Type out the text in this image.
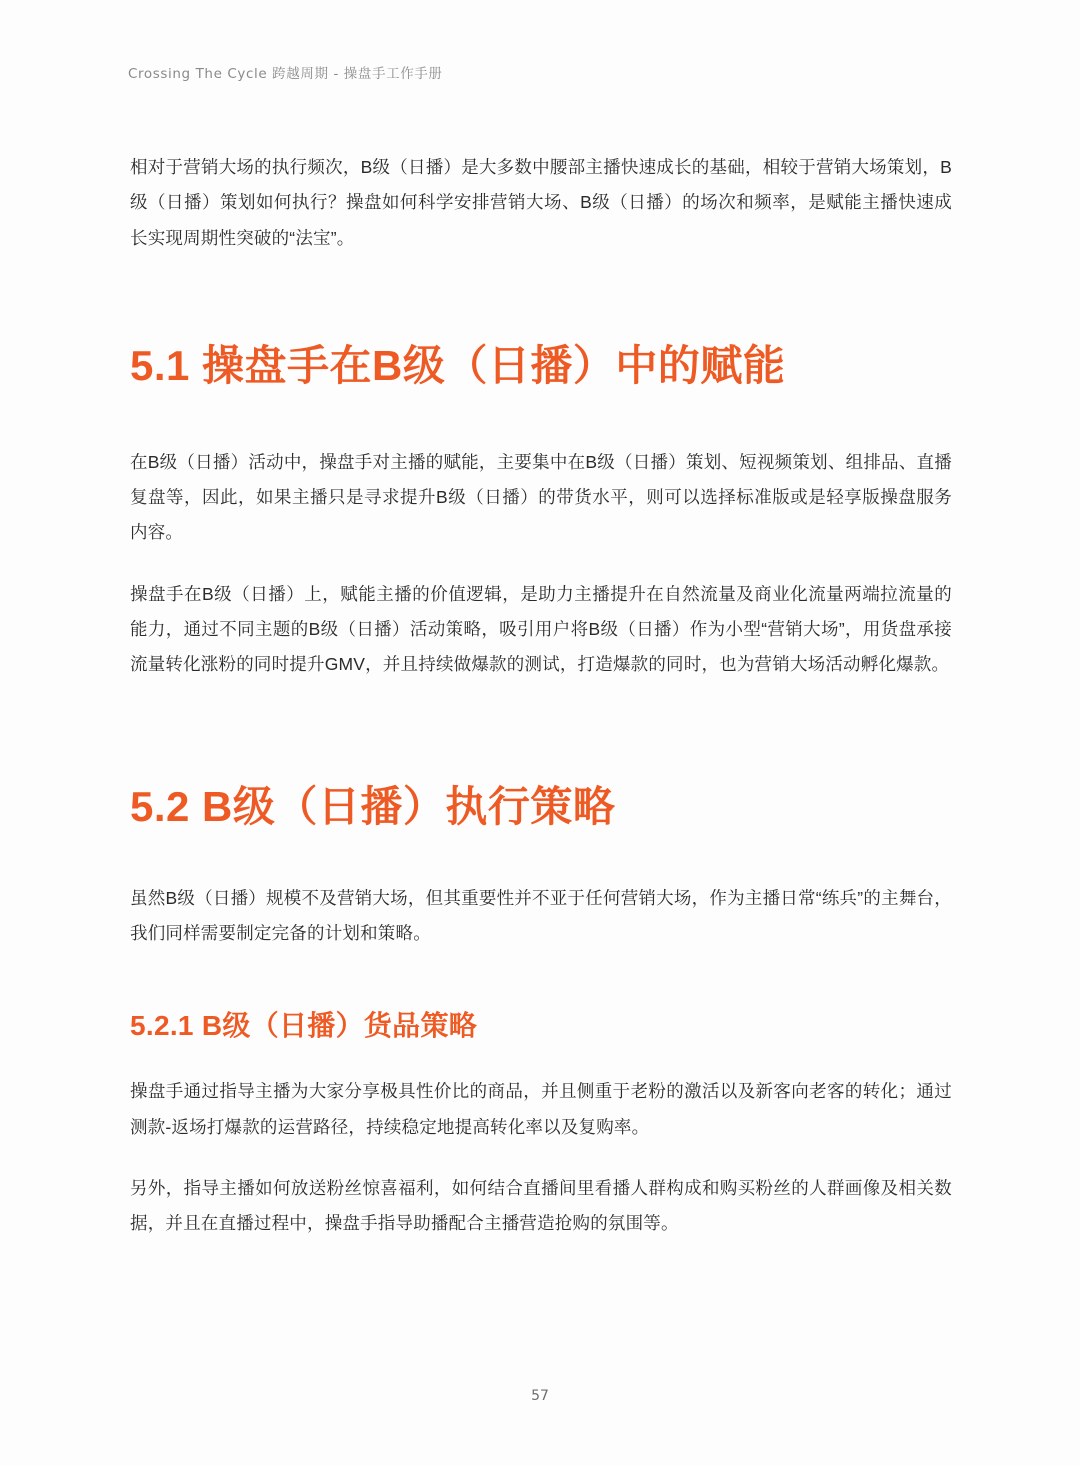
Crossing The Cycle 跨越周期 - 操盘手工作手册

相对于营销大场的执行频次，B级（日播）是大多数中腰部主播快速成长的基础，相较于营销大场策划，B级（日播）策划如何执行？操盘如何科学安排营销大场、B级（日播）的场次和频率，是赋能主播快速成长实现周期性突破的“法宝”。

5.1 操盘手在B级（日播）中的赋能

在B级（日播）活动中，操盘手对主播的赋能，主要集中在B级（日播）策划、短视频策划、组排品、直播复盘等，因此，如果主播只是寻求提升B级（日播）的带货水平，则可以选择标准版或是轻享版操盘服务内容。

操盘手在B级（日播）上，赋能主播的价值逻辑，是助力主播提升在自然流量及商业化流量两端拉流量的能力，通过不同主题的B级（日播）活动策略，吸引用户将B级（日播）作为小型“营销大场”，用货盘承接流量转化涨粉的同时提升GMV，并且持续做爆款的测试，打造爆款的同时，也为营销大场活动孵化爆款。

5.2 B级（日播）执行策略

虽然B级（日播）规模不及营销大场，但其重要性并不亚于任何营销大场，作为主播日常“练兵”的主舞台，我们同样需要制定完备的计划和策略。

5.2.1 B级（日播）货品策略

操盘手通过指导主播为大家分享极具性价比的商品，并且侧重于老粉的激活以及新客向老客的转化；通过测款-返场打爆款的运营路径，持续稳定地提高转化率以及复购率。

另外，指导主播如何放送粉丝惊喜福利，如何结合直播间里看播人群构成和购买粉丝的人群画像及相关数据，并且在直播过程中，操盘手指导助播配合主播营造抢购的氛围等。

57
